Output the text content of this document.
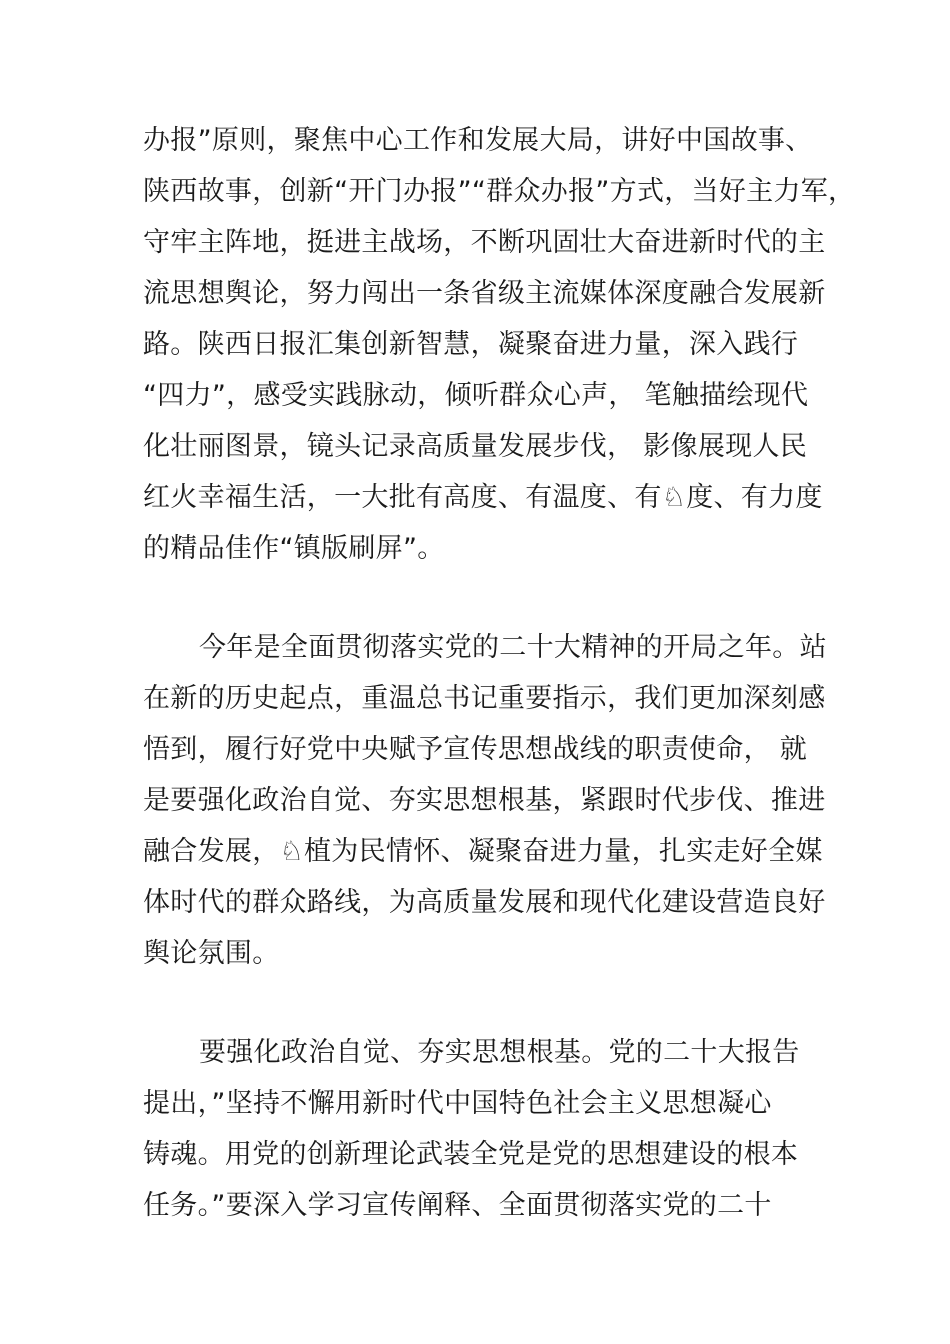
办报”原则，聚焦中心工作和发展大局，讲好中国故事、
陕西故事，创新“开门办报”“群众办报”方式，当好主力军，
守牢主阵地，挺进主战场，不断巩固壮大奋进新时代的主
流思想舆论，努力闯出一条省级主流媒体深度融合发展新
路。陕西日报汇集创新智慧，凝聚奋进力量，深入践行
“四力”，感受实践脉动，倾听群众心声， 笔触描绘现代
化壮丽图景，镜头记录高质量发展步伐， 影像展现人民
红火幸福生活，一大批有高度、有温度、有♘度、有力度
的精品佳作“镇版刷屏”。
今年是全面贯彻落实党的二十大精神的开局之年。站
在新的历史起点，重温总书记重要指示，我们更加深刻感
悟到，履行好党中央赋予宣传思想战线的职责使命， 就
是要强化政治自觉、夯实思想根基，紧跟时代步伐、推进
融合发展，♘植为民情怀、凝聚奋进力量，扎实走好全媒
体时代的群众路线，为高质量发展和现代化建设营造良好
舆论氛围。
要强化政治自觉、夯实思想根基。党的二十大报告
提出，”坚持不懈用新时代中国特色社会主义思想凝心
铸魂。用党的创新理论武装全党是党的思想建设的根本
任务。”要深入学习宣传阐释、全面贯彻落实党的二十
